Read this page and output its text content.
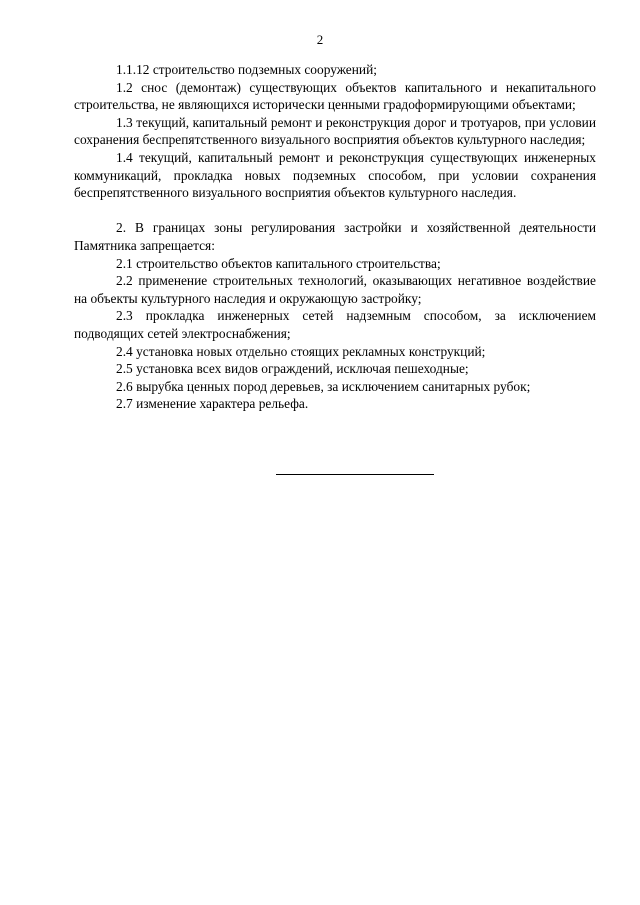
2

1.1.12 строительство подземных сооружений;

1.2 снос (демонтаж) существующих объектов капитального и некапитального строительства, не являющихся исторически ценными градоформирующими объектами;

1.3 текущий, капитальный ремонт и реконструкция дорог и тротуаров, при условии сохранения беспрепятственного визуального восприятия объектов культурного наследия;

1.4 текущий, капитальный ремонт и реконструкция существующих инженерных коммуникаций, прокладка новых подземных способом, при условии сохранения беспрепятственного визуального восприятия объектов культурного наследия.

2. В границах зоны регулирования застройки и хозяйственной деятельности Памятника запрещается:

2.1 строительство объектов капитального строительства;

2.2 применение строительных технологий, оказывающих негативное воздействие на объекты культурного наследия и окружающую застройку;

2.3 прокладка инженерных сетей надземным способом, за исключением подводящих сетей электроснабжения;

2.4 установка новых отдельно стоящих рекламных конструкций;

2.5 установка всех видов ограждений, исключая пешеходные;

2.6 вырубка ценных пород деревьев, за исключением санитарных рубок;

2.7 изменение характера рельефа.
